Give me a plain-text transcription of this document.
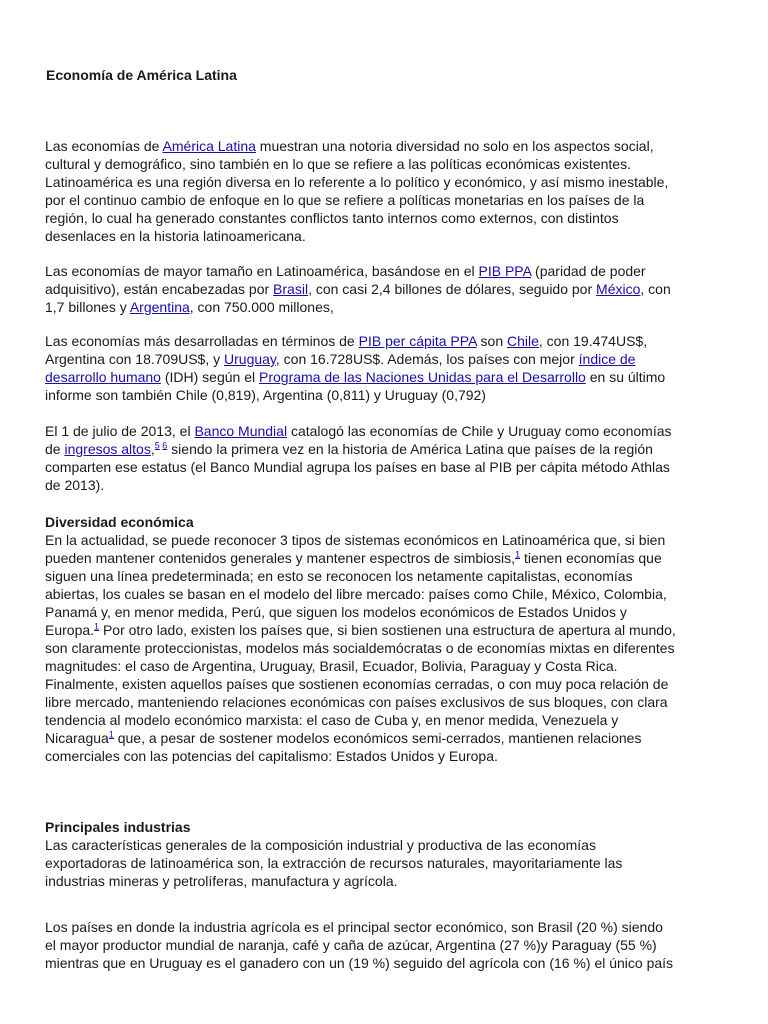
Economía de América Latina
Las economías de América Latina muestran una notoria diversidad no solo en los aspectos social,
cultural y demográfico, sino también en lo que se refiere a las políticas económicas existentes.
Latinoamérica es una región diversa en lo referente a lo político y económico, y así mismo inestable,
por el continuo cambio de enfoque en lo que se refiere a políticas monetarias en los países de la
región, lo cual ha generado constantes conflictos tanto internos como externos, con distintos
desenlaces en la historia latinoamericana.
Las economías de mayor tamaño en Latinoamérica, basándose en el PIB PPA (paridad de poder
adquisitivo), están encabezadas por Brasil, con casi 2,4 billones de dólares, seguido por México, con
1,7 billones y Argentina, con 750.000 millones,
Las economías más desarrolladas en términos de PIB per cápita PPA son Chile, con 19.474US$,
Argentina con 18.709US$, y Uruguay, con 16.728US$. Además, los países con mejor índice de
desarrollo humano (IDH) según el Programa de las Naciones Unidas para el Desarrollo en su último
informe son también Chile (0,819), Argentina (0,811) y Uruguay (0,792)
El 1 de julio de 2013, el Banco Mundial catalogó las economías de Chile y Uruguay como economías
de ingresos altos,$^{5 6}$ siendo la primera vez en la historia de América Latina que países de la región
comparten ese estatus (el Banco Mundial agrupa los países en base al PIB per cápita método Athlas
de 2013).
Diversidad económica
En la actualidad, se puede reconocer 3 tipos de sistemas económicos en Latinoamérica que, si bien
pueden mantener contenidos generales y mantener espectros de simbiosis,$^1$ tienen economías que
siguen una línea predeterminada; en esto se reconocen los netamente capitalistas, economías
abiertas, los cuales se basan en el modelo del libre mercado: países como Chile, México, Colombia,
Panamá y, en menor medida, Perú, que siguen los modelos económicos de Estados Unidos y
Europa.$^1$ Por otro lado, existen los países que, si bien sostienen una estructura de apertura al mundo,
son claramente proteccionistas, modelos más socialdemócratas o de economías mixtas en diferentes
magnitudes: el caso de Argentina, Uruguay, Brasil, Ecuador, Bolivia, Paraguay y Costa Rica.
Finalmente, existen aquellos países que sostienen economías cerradas, o con muy poca relación de
libre mercado, manteniendo relaciones económicas con países exclusivos de sus bloques, con clara
tendencia al modelo económico marxista: el caso de Cuba y, en menor medida, Venezuela y
Nicaragua$^1$ que, a pesar de sostener modelos económicos semi-cerrados, mantienen relaciones
comerciales con las potencias del capitalismo: Estados Unidos y Europa.
Principales industrias
Las características generales de la composición industrial y productiva de las economías
exportadoras de latinoamérica son, la extracción de recursos naturales, mayoritariamente las
industrias mineras y petrolíferas, manufactura y agrícola.
Los países en donde la industria agrícola es el principal sector económico, son Brasil (20 %) siendo
el mayor productor mundial de naranja, café y caña de azúcar, Argentina (27 %)y Paraguay (55 %)
mientras que en Uruguay es el ganadero con un (19 %) seguido del agrícola con (16 %) el único país
